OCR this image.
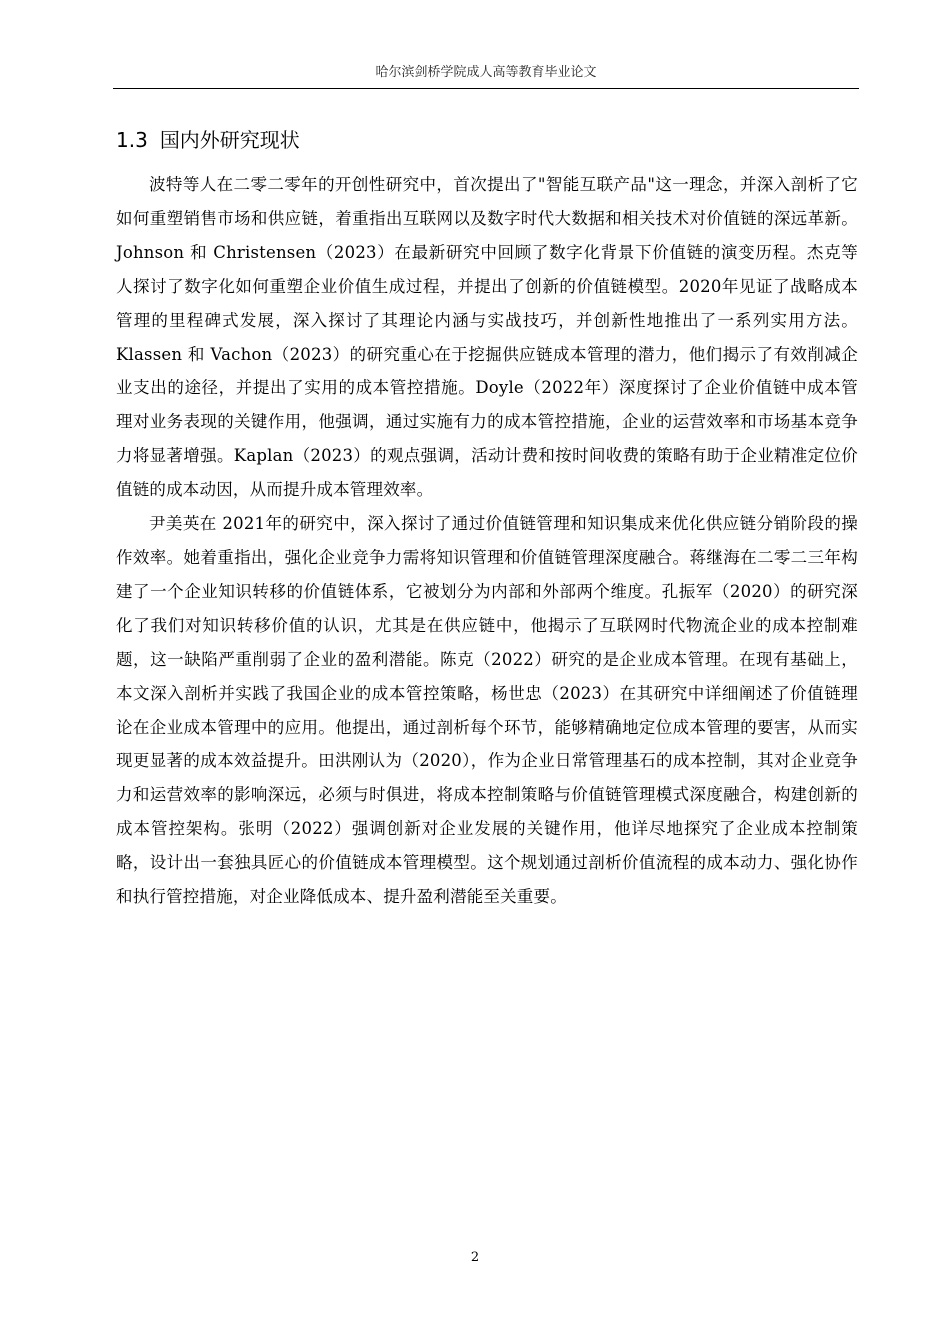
哈尔滨剑桥学院成人高等教育毕业论文
1.3 国内外研究现状

波特等人在二零二零年的开创性研究中，首次提出了"智能互联产品"这一理念，并深入剖析了它如何重塑销售市场和供应链，着重指出互联网以及数字时代大数据和相关技术对价值链的深远革新。Johnson 和 Christensen（2023）在最新研究中回顾了数字化背景下价值链的演变历程。杰克等人探讨了数字化如何重塑企业价值生成过程，并提出了创新的价值链模型。2020年见证了战略成本管理的里程碑式发展，深入探讨了其理论内涵与实战技巧，并创新性地推出了一系列实用方法。Klassen 和 Vachon（2023）的研究重心在于挖掘供应链成本管理的潜力，他们揭示了有效削减企业支出的途径，并提出了实用的成本管控措施。Doyle（2022年）深度探讨了企业价值链中成本管理对业务表现的关键作用，他强调，通过实施有力的成本管控措施，企业的运营效率和市场基本竞争力将显著增强。Kaplan（2023）的观点强调，活动计费和按时间收费的策略有助于企业精准定位价值链的成本动因，从而提升成本管理效率。

尹美英在 2021年的研究中，深入探讨了通过价值链管理和知识集成来优化供应链分销阶段的操作效率。她着重指出，强化企业竞争力需将知识管理和价值链管理深度融合。蒋继海在二零二三年构建了一个企业知识转移的价值链体系，它被划分为内部和外部两个维度。孔振军（2020）的研究深化了我们对知识转移价值的认识，尤其是在供应链中，他揭示了互联网时代物流企业的成本控制难题，这一缺陷严重削弱了企业的盈利潜能。陈克（2022）研究的是企业成本管理。在现有基础上，本文深入剖析并实践了我国企业的成本管控策略，杨世忠（2023）在其研究中详细阐述了价值链理论在企业成本管理中的应用。他提出，通过剖析每个环节，能够精确地定位成本管理的要害，从而实现更显著的成本效益提升。田洪刚认为（2020），作为企业日常管理基石的成本控制，其对企业竞争力和运营效率的影响深远，必须与时俱进，将成本控制策略与价值链管理模式深度融合，构建创新的成本管控架构。张明（2022）强调创新对企业发展的关键作用，他详尽地探究了企业成本控制策略，设计出一套独具匠心的价值链成本管理模型。这个规划通过剖析价值流程的成本动力、强化协作和执行管控措施，对企业降低成本、提升盈利潜能至关重要。

2
